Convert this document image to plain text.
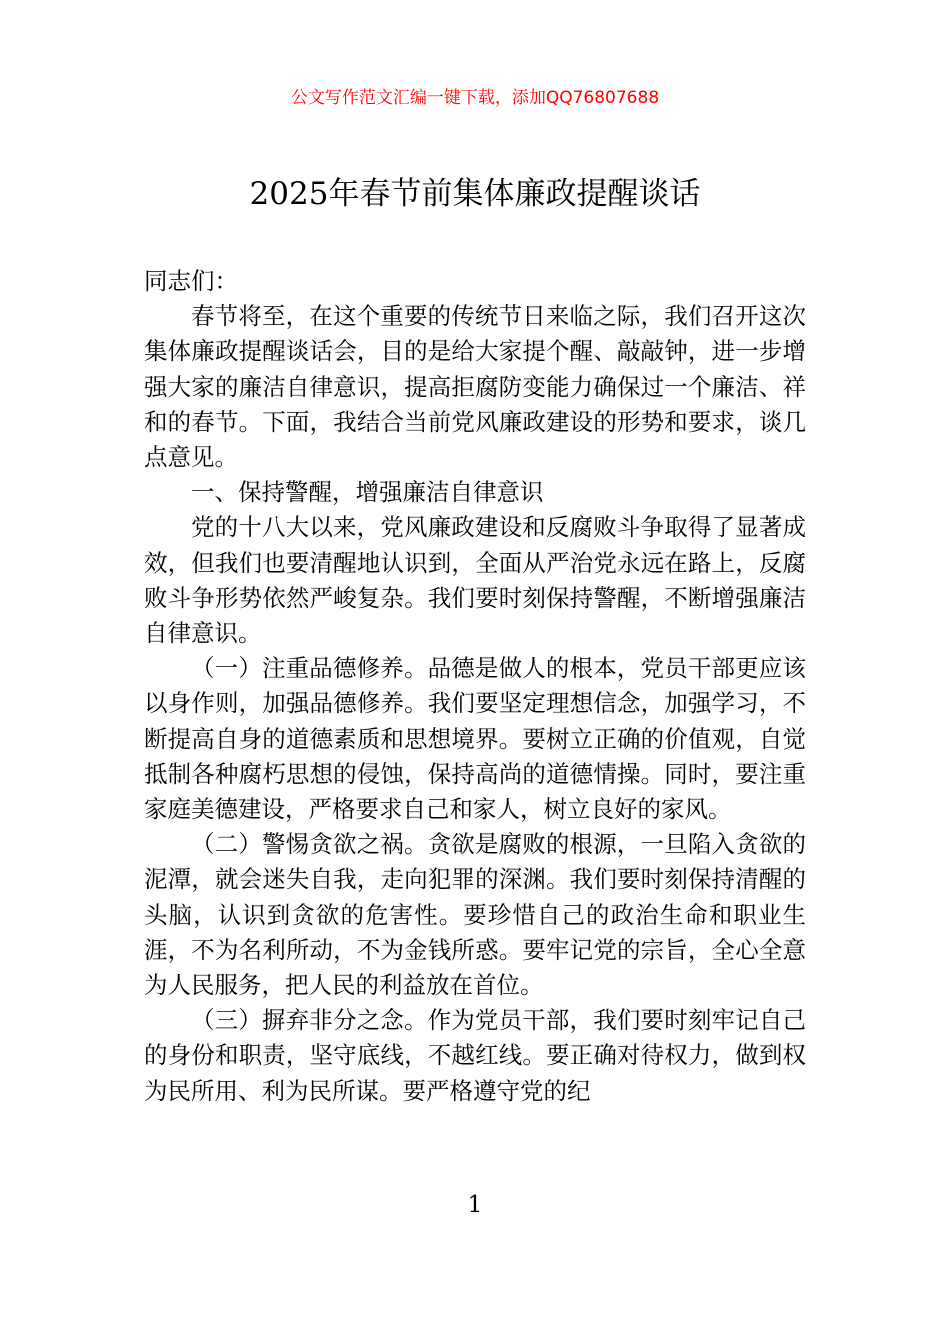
公文写作范文汇编一键下载，添加QQ76807688
2025年春节前集体廉政提醒谈话

同志们：

春节将至，在这个重要的传统节日来临之际，我们召开这次集体廉政提醒谈话会，目的是给大家提个醒、敲敲钟，进一步增强大家的廉洁自律意识，提高拒腐防变能力确保过一个廉洁、祥和的春节。下面，我结合当前党风廉政建设的形势和要求，谈几点意见。

一、保持警醒，增强廉洁自律意识

党的十八大以来，党风廉政建设和反腐败斗争取得了显著成效，但我们也要清醒地认识到，全面从严治党永远在路上，反腐败斗争形势依然严峻复杂。我们要时刻保持警醒，不断增强廉洁自律意识。

（一）注重品德修养。品德是做人的根本，党员干部更应该以身作则，加强品德修养。我们要坚定理想信念，加强学习，不断提高自身的道德素质和思想境界。要树立正确的价值观，自觉抵制各种腐朽思想的侵蚀，保持高尚的道德情操。同时，要注重家庭美德建设，严格要求自己和家人，树立良好的家风。

（二）警惕贪欲之祸。贪欲是腐败的根源，一旦陷入贪欲的泥潭，就会迷失自我，走向犯罪的深渊。我们要时刻保持清醒的头脑，认识到贪欲的危害性。要珍惜自己的政治生命和职业生涯，不为名利所动，不为金钱所惑。要牢记党的宗旨，全心全意为人民服务，把人民的利益放在首位。

（三）摒弃非分之念。作为党员干部，我们要时刻牢记自己的身份和职责，坚守底线，不越红线。要正确对待权力，做到权为民所用、利为民所谋。要严格遵守党的纪

1
